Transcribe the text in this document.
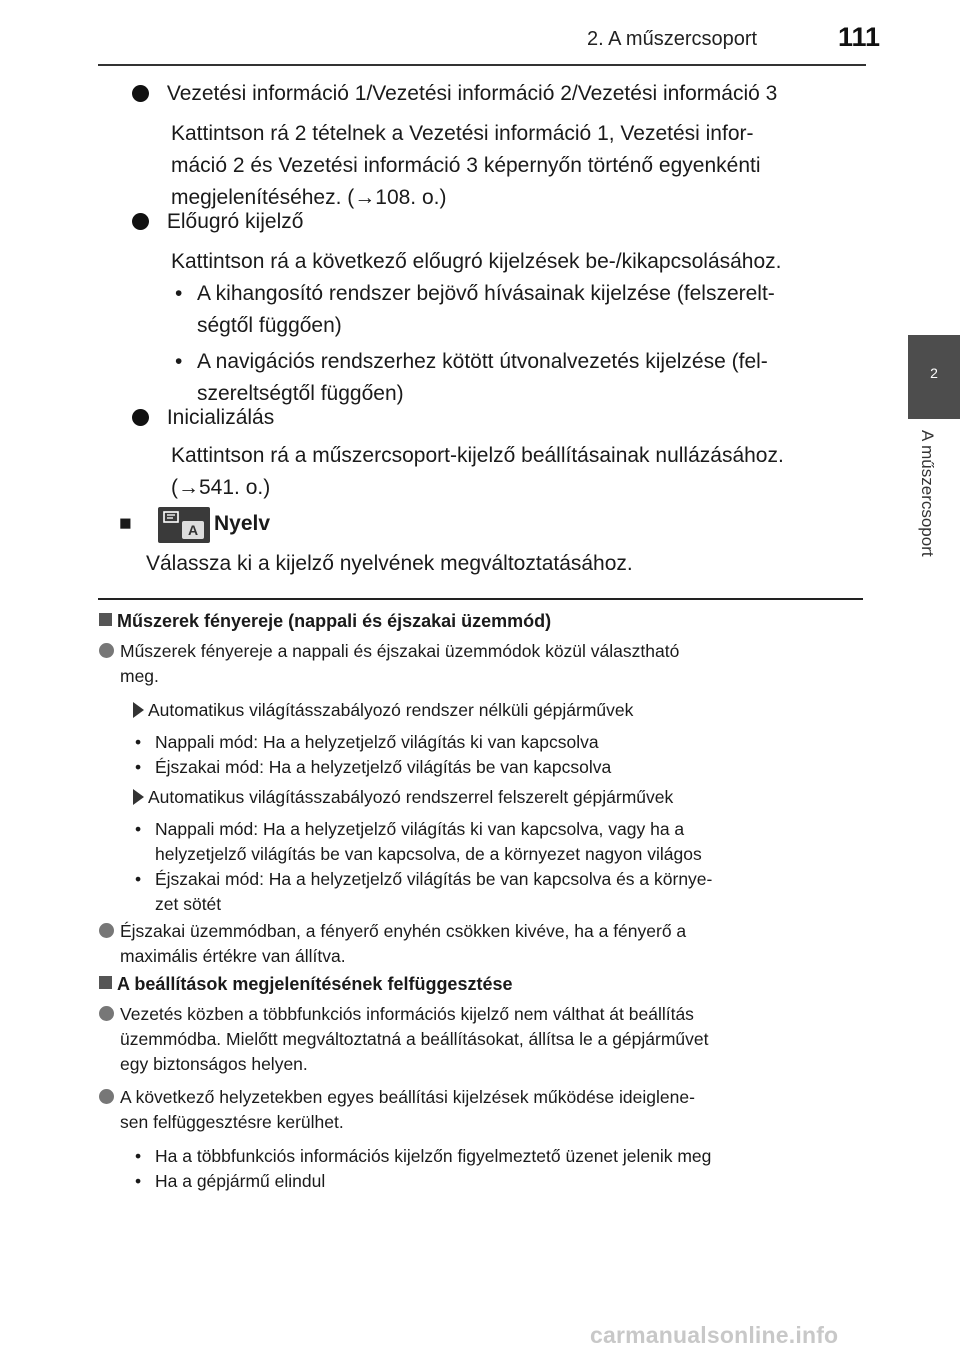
2. A műszercsoport	111
2
A műszercsoport
Vezetési információ 1/Vezetési információ 2/Vezetési információ 3
Kattintson rá 2 tételnek a Vezetési információ 1, Vezetési infor-
máció 2 és Vezetési információ 3 képernyőn történő egyenkénti
megjelenítéséhez. (→108. o.)
Előugró kijelző
Kattintson rá a következő előugró kijelzések be-/kikapcsolásához.
• A kihangosító rendszer bejövő hívásainak kijelzése (felszerelt-
ségtől függően)
• A navigációs rendszerhez kötött útvonalvezetés kijelzése (fel-
szereltségtől függően)
Inicializálás
Kattintson rá a műszercsoport-kijelző beállításainak nullázásához.
(→541. o.)
■	A Nyelv
Válassza ki a kijelző nyelvének megváltoztatásához.
Műszerek fényereje (nappali és éjszakai üzemmód)
Műszerek fényereje a nappali és éjszakai üzemmódok közül választható
meg.
Automatikus világításszabályozó rendszer nélküli gépjárművek
• Nappali mód: Ha a helyzetjelző világítás ki van kapcsolva
• Éjszakai mód: Ha a helyzetjelző világítás be van kapcsolva
Automatikus világításszabályozó rendszerrel felszerelt gépjárművek
• Nappali mód: Ha a helyzetjelző világítás ki van kapcsolva, vagy ha a
helyzetjelző világítás be van kapcsolva, de a környezet nagyon világos
• Éjszakai mód: Ha a helyzetjelző világítás be van kapcsolva és a környe-
zet sötét
Éjszakai üzemmódban, a fényerő enyhén csökken kivéve, ha a fényerő a
maximális értékre van állítva.
A beállítások megjelenítésének felfüggesztése
Vezetés közben a többfunkciós információs kijelző nem válthat át beállítás
üzemmódba. Mielőtt megváltoztatná a beállításokat, állítsa le a gépjárművet
egy biztonságos helyen.
A következő helyzetekben egyes beállítási kijelzések működése ideiglene-
sen felfüggesztésre kerülhet.
• Ha a többfunkciós információs kijelzőn figyelmeztető üzenet jelenik meg
• Ha a gépjármű elindul
carmanualsonline.info
